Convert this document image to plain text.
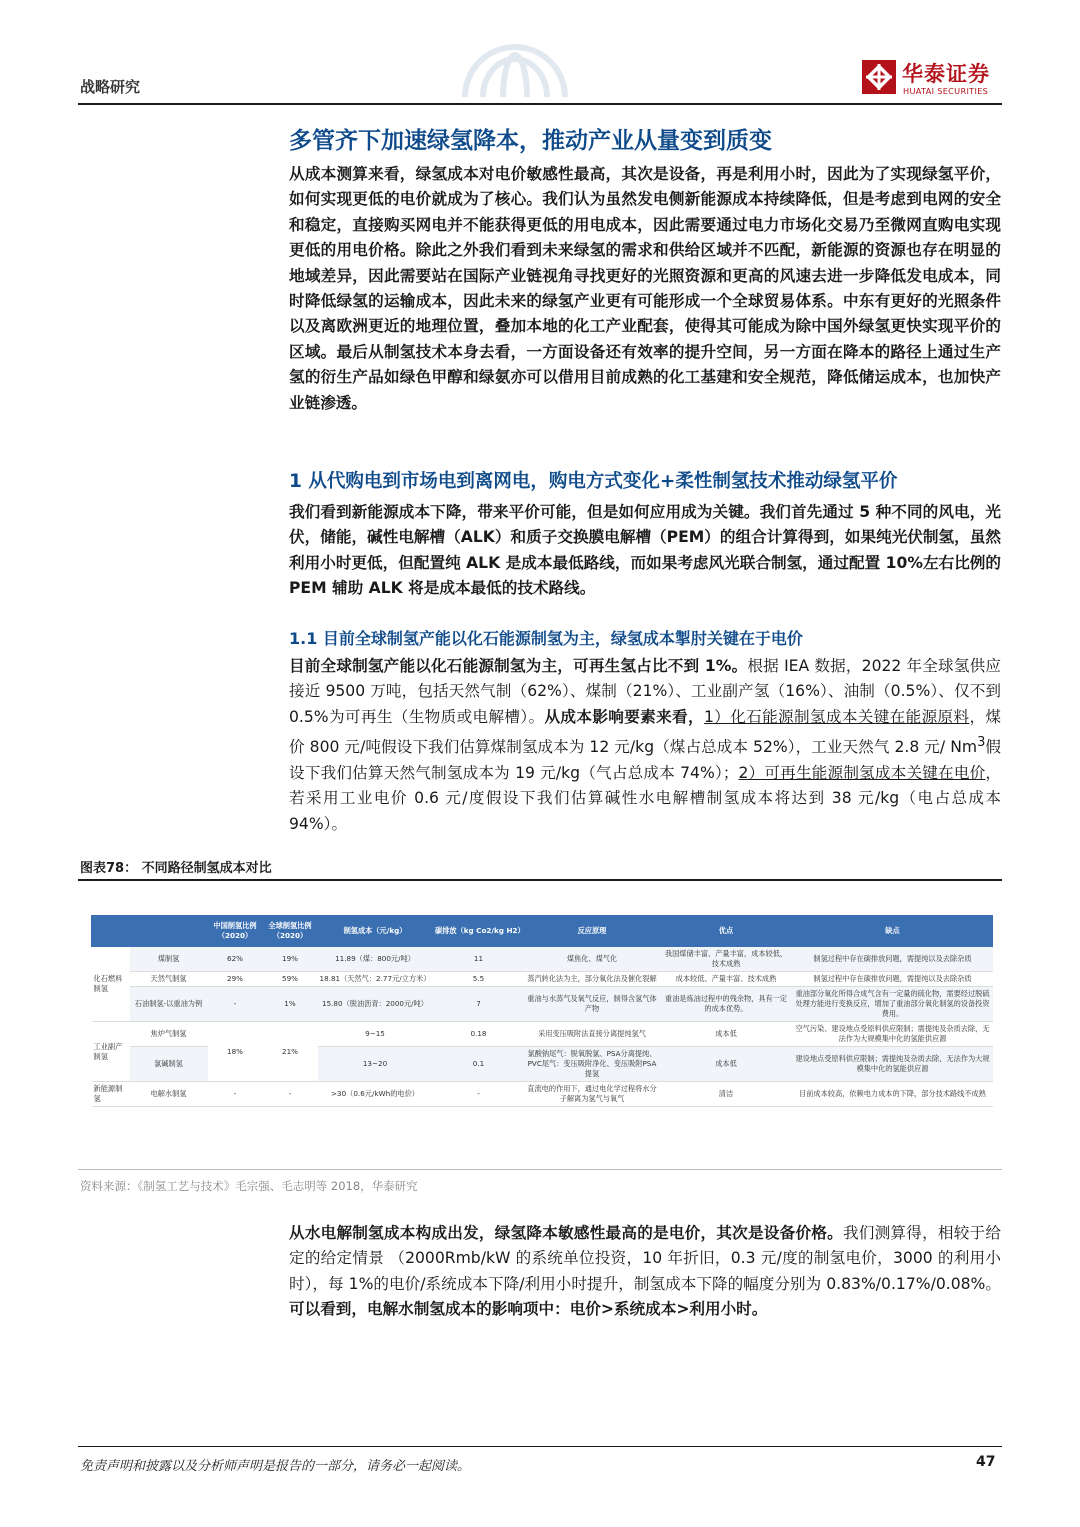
战略研究
华泰证券
HUATAI SECURITIES
多管齐下加速绿氢降本，推动产业从量变到质变
从成本测算来看，绿氢成本对电价敏感性最高，其次是设备，再是利用小时，因此为了实现绿氢平价，如何实现更低的电价就成为了核心。我们认为虽然发电侧新能源成本持续降低，但是考虑到电网的安全和稳定，直接购买网电并不能获得更低的用电成本，因此需要通过电力市场化交易乃至微网直购电实现更低的用电价格。除此之外我们看到未来绿氢的需求和供给区域并不匹配，新能源的资源也存在明显的地域差异，因此需要站在国际产业链视角寻找更好的光照资源和更高的风速去进一步降低发电成本，同时降低绿氢的运输成本，因此未来的绿氢产业更有可能形成一个全球贸易体系。中东有更好的光照条件以及离欧洲更近的地理位置，叠加本地的化工产业配套，使得其可能成为除中国外绿氢更快实现平价的区域。最后从制氢技术本身去看，一方面设备还有效率的提升空间，另一方面在降本的路径上通过生产氢的衍生产品如绿色甲醇和绿氨亦可以借用目前成熟的化工基建和安全规范，降低储运成本，也加快产业链渗透。
1 从代购电到市场电到离网电，购电方式变化+柔性制氢技术推动绿氢平价
我们看到新能源成本下降，带来平价可能，但是如何应用成为关键。我们首先通过 5 种不同的风电，光伏，储能，碱性电解槽（ALK）和质子交换膜电解槽（PEM）的组合计算得到，如果纯光伏制氢，虽然利用小时更低，但配置纯 ALK 是成本最低路线，而如果考虑风光联合制氢，通过配置 10%左右比例的 PEM 辅助 ALK 将是成本最低的技术路线。
1.1 目前全球制氢产能以化石能源制氢为主，绿氢成本掣肘关键在于电价
目前全球制氢产能以化石能源制氢为主，可再生氢占比不到 1%。根据 IEA 数据，2022 年全球氢供应接近 9500 万吨，包括天然气制（62%）、煤制（21%）、工业副产氢（16%）、油制（0.5%）、仅不到 0.5%为可再生（生物质或电解槽）。从成本影响要素来看，1）化石能源制氢成本关键在能源原料，煤价 800 元/吨假设下我们估算煤制氢成本为 12 元/kg（煤占总成本 52%），工业天然气 2.8 元/ Nm$^3$假设下我们估算天然气制氢成本为 19 元/kg（气占总成本 74%）；2）可再生能源制氢成本关键在电价，若采用工业电价 0.6 元/度假设下我们估算碱性水电解槽制氢成本将达到 38 元/kg（电占总成本 94%）。
图表78： 不同路径制氢成本对比
		中国制氢比例（2020）	全球制氢比例（2020）	制氢成本（元/kg）	碳排放（kg Co2/kg H2）	反应原理	优点	缺点
化石燃料制氢	煤制氢	62%	19%	11.89（煤：800元/吨）	11	煤焦化、煤气化	我国煤储丰富、产量丰富，成本较低，技术成熟	制氢过程中存在碳排放问题，需提纯以及去除杂质
	天然气制氢	29%	59%	18.81（天然气：2.77元/立方米）	5.5	蒸汽转化法为主，部分氧化法及催化裂解	成本较低、产量丰富、技术成熟	制氢过程中存在碳排放问题，需提纯以及去除杂质
	石油制氢-以重油为例	-	1%	15.80（脱油沥青：2000元/吨）	7	重油与水蒸气及氧气反应，制得含氢气体产物	重油是炼油过程中的残余物，具有一定的成本优势。	重油部分氧化所得合成气含有一定量的硫化物，需要经过脱硫处理方能进行变换反应，增加了重油部分氧化制氢的设备投资费用。
工业副产制氢	焦炉气制氢	18%	21%	9~15	0.18	采用变压吸附法直接分离提纯氢气	成本低	空气污染、建设地点受原料供应限制；需提纯及杂质去除，无法作为大规模集中化的氢能供应源
	氯碱制氢			13~20	0.1	氯酸钠尾气：脱氧脱氯、PSA分离提纯、PVC尾气：变压吸附净化、变压吸附PSA提氢	成本低	建设地点受原料供应限制；需提纯及杂质去除，无法作为大规模集中化的氢能供应源
新能源制氢	电解水制氢	-	-	>30（0.6元/kWh的电价）	-	直流电的作用下，通过电化学过程将水分子解离为氢气与氧气	清洁	目前成本较高，依赖电力成本的下降，部分技术路线不成熟
资料来源：《制氢工艺与技术》毛宗强、毛志明等 2018，华泰研究
从水电解制氢成本构成出发，绿氢降本敏感性最高的是电价，其次是设备价格。我们测算得，相较于给定的给定情景 （2000Rmb/kW 的系统单位投资，10 年折旧，0.3 元/度的制氢电价，3000 的利用小时），每 1%的电价/系统成本下降/利用小时提升，制氢成本下降的幅度分别为 0.83%/0.17%/0.08%。可以看到，电解水制氢成本的影响项中：电价>系统成本>利用小时。
免责声明和披露以及分析师声明是报告的一部分，请务必一起阅读。	47
